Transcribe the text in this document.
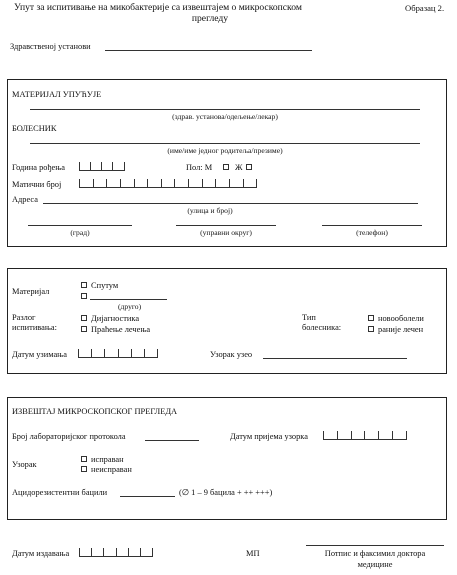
Упут за испитивање на микобактерије са извештајем о микроскопском
прегледу
Образац 2.
Здравственој установи
МАТЕРИЈАЛ УПУЋУЈЕ
(здрав. установа/одељење/лекар)
БОЛЕСНИК
(име/име једног родитеља/презиме)
Година рођења	Пол: М	Ж
Матични број
Адреса
(улица и број)
(град)	(управни округ)	(телефон)
Материјал
Спутум
(друго)
Разлог
испитивања:
Дијагностика
Праћење лечења
Тип
болесника:
новооболели
раније лечен
Датум узимања	Узорак узео
ИЗВЕШТАЈ МИКРОСКОПСКОГ ПРЕГЛЕДА
Број лабораторијског протокола	Датум пријема узорка
Узорак
исправан
неисправан
Ацидорезистентни бацили	(∅ 1 – 9 бацила + ++ +++)
Датум издавања	МП	Потпис и факсимил доктора
медицине
